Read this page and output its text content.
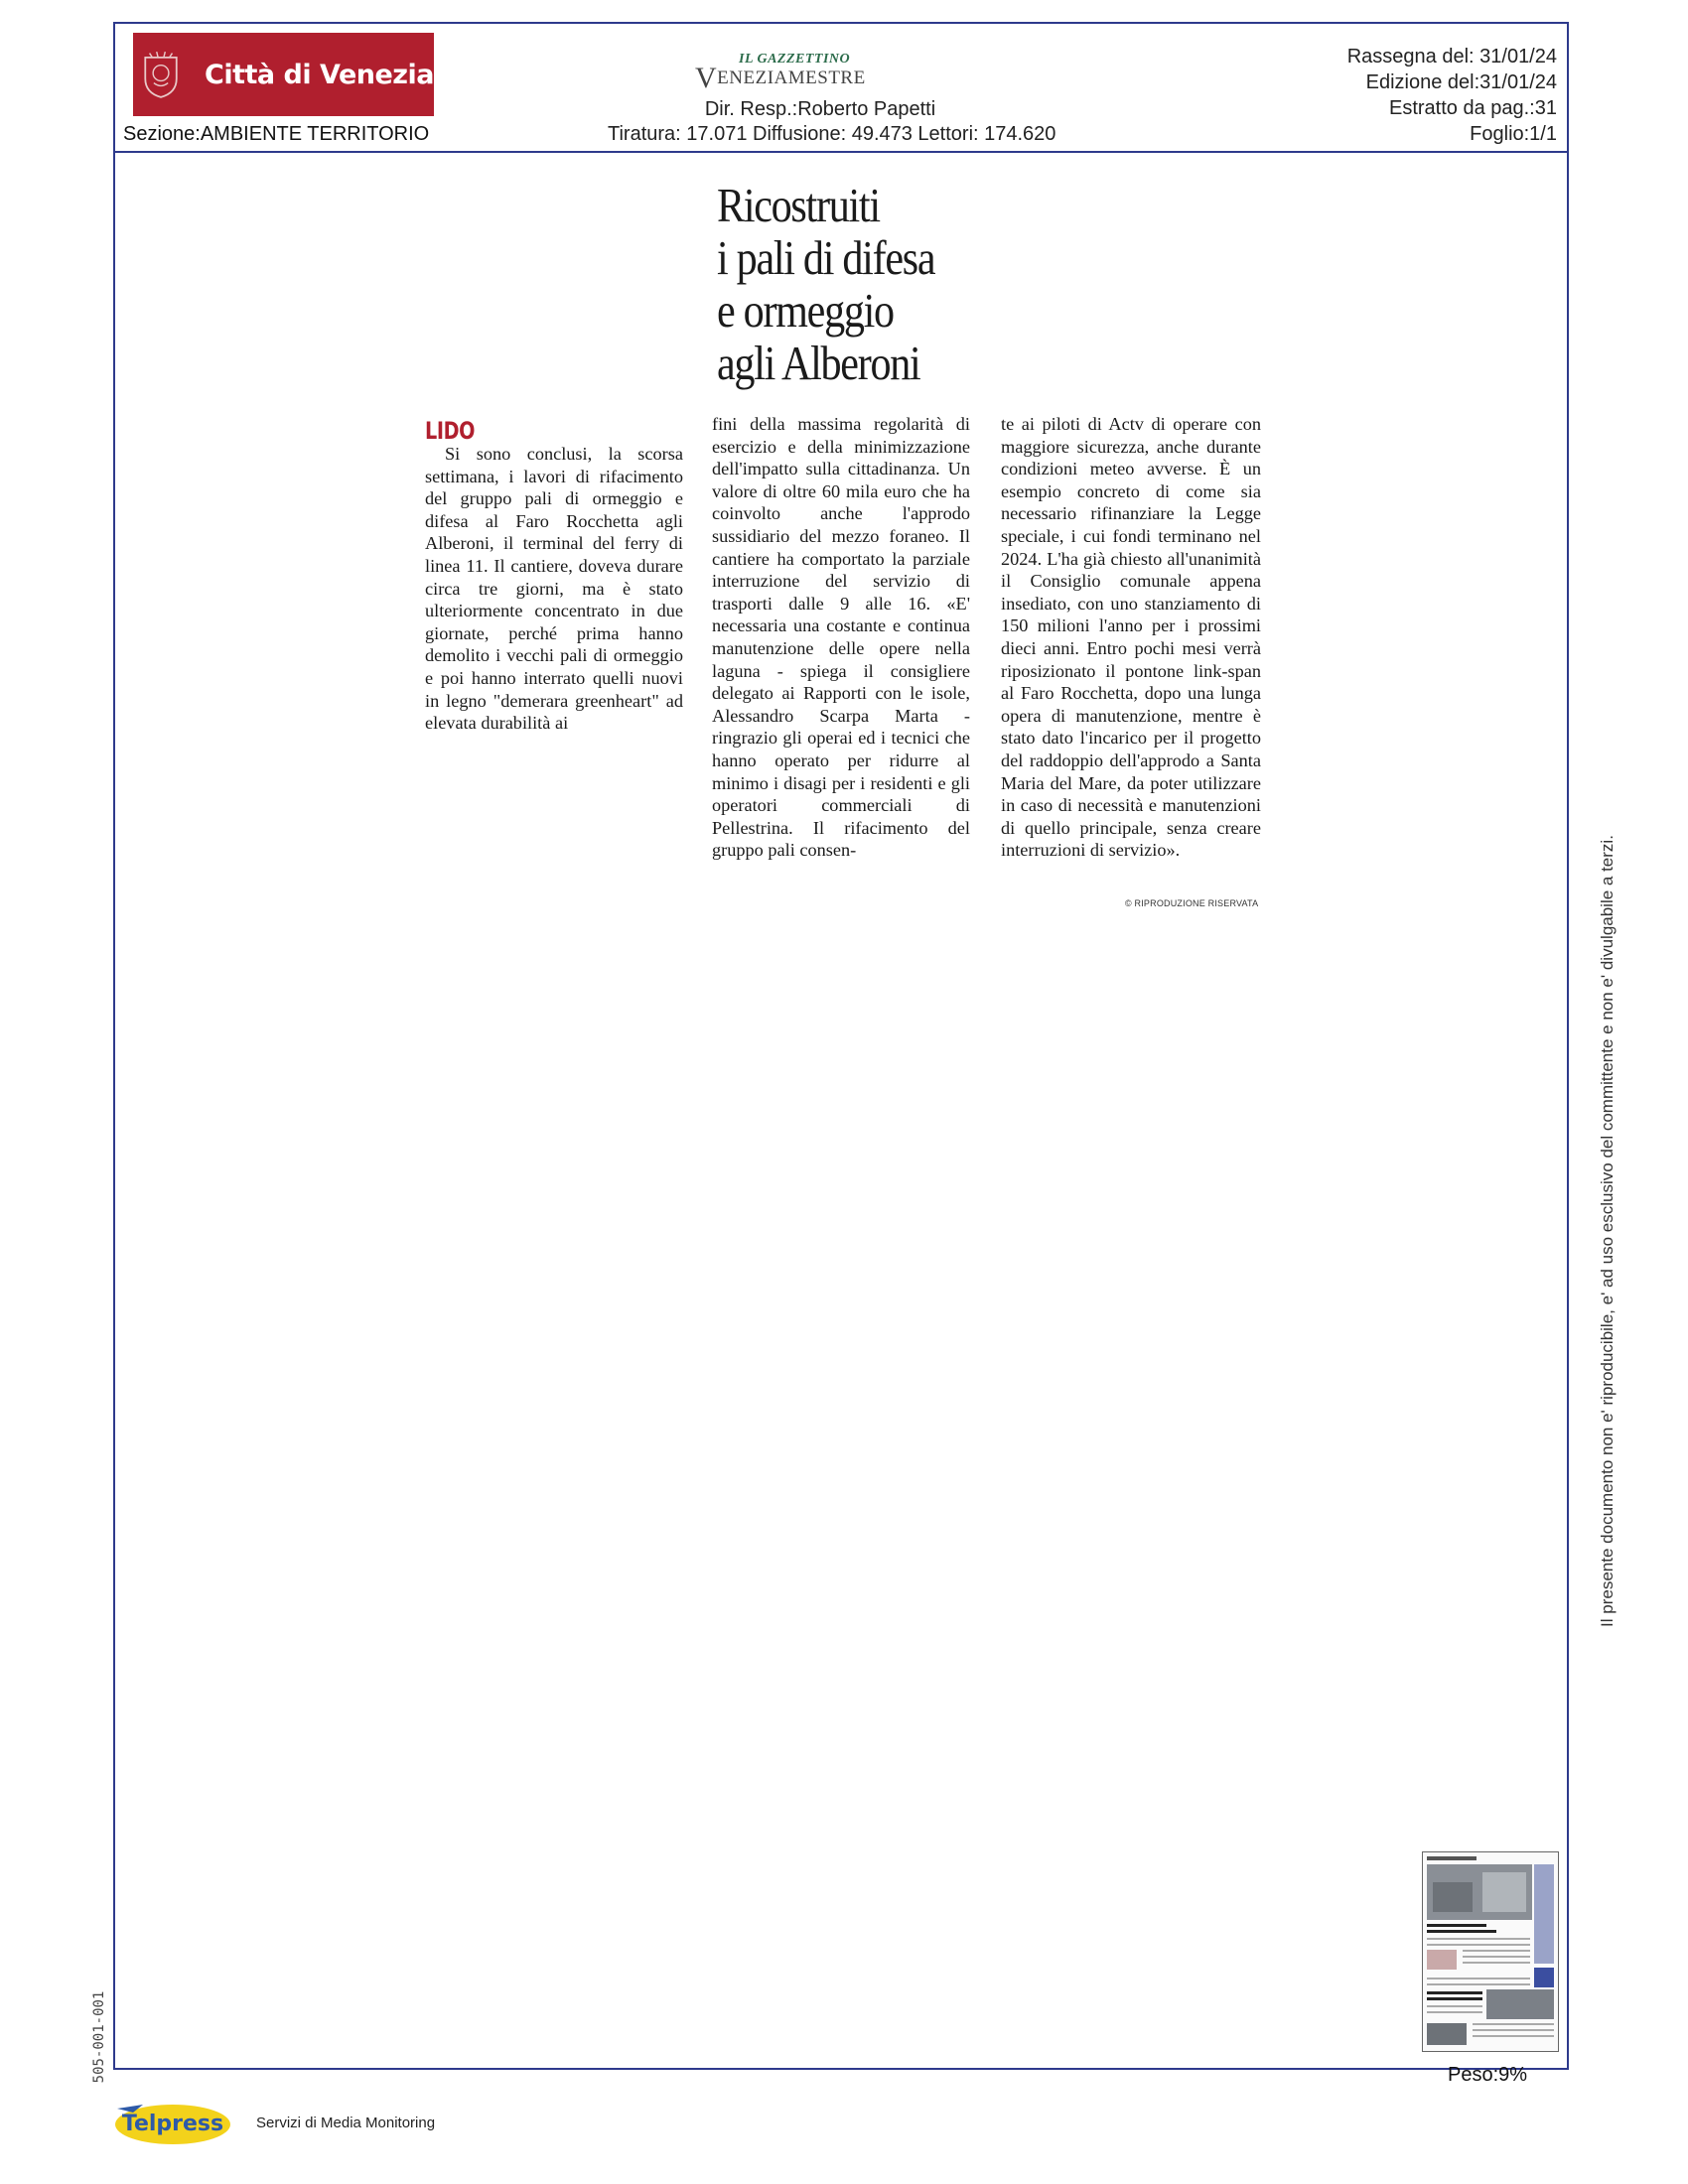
Città di Venezia
Sezione:AMBIENTE TERRITORIO
IL GAZZETTINO
VENEZIAMESTRE
Dir. Resp.:Roberto Papetti
Tiratura: 17.071 Diffusione: 49.473 Lettori: 174.620
Rassegna del: 31/01/24
Edizione del:31/01/24
Estratto da pag.:31
Foglio:1/1
Ricostruiti
i pali di difesa
e ormeggio
agli Alberoni
LIDO
Si sono conclusi, la scorsa settimana, i lavori di rifacimento del gruppo pali di ormeggio e difesa al Faro Rocchetta agli Alberoni, il terminal del ferry di linea 11. Il cantiere, doveva durare circa tre giorni, ma è stato ulteriormente concentrato in due giornate, perché prima hanno demolito i vecchi pali di ormeggio e poi hanno interrato quelli nuovi in legno "demerara greenheart" ad elevata durabilità ai
fini della massima regolarità di esercizio e della minimizzazione dell'impatto sulla cittadinanza. Un valore di oltre 60 mila euro che ha coinvolto anche l'approdo sussidiario del mezzo foraneo. Il cantiere ha comportato la parziale interruzione del servizio di trasporti dalle 9 alle 16. «E' necessaria una costante e continua manutenzione delle opere nella laguna - spiega il consigliere delegato ai Rapporti con le isole, Alessandro Scarpa Marta - ringrazio gli operai ed i tecnici che hanno operato per ridurre al minimo i disagi per i residenti e gli operatori commerciali di Pellestrina. Il rifacimento del gruppo pali consen-
te ai piloti di Actv di operare con maggiore sicurezza, anche durante condizioni meteo avverse. È un esempio concreto di come sia necessario rifinanziare la Legge speciale, i cui fondi terminano nel 2024. L'ha già chiesto all'unanimità il Consiglio comunale appena insediato, con uno stanziamento di 150 milioni l'anno per i prossimi dieci anni. Entro pochi mesi verrà riposizionato il pontone link-span al Faro Rocchetta, dopo una lunga opera di manutenzione, mentre è stato dato l'incarico per il progetto del raddoppio dell'approdo a Santa Maria del Mare, da poter utilizzare in caso di necessità e manutenzioni di quello principale, senza creare interruzioni di servizio».
© RIPRODUZIONE RISERVATA
Peso:9%
Il presente documento non e' riproducibile, e' ad uso esclusivo del committente e non e' divulgabile a terzi.
505-001-001
Telpress Servizi di Media Monitoring
